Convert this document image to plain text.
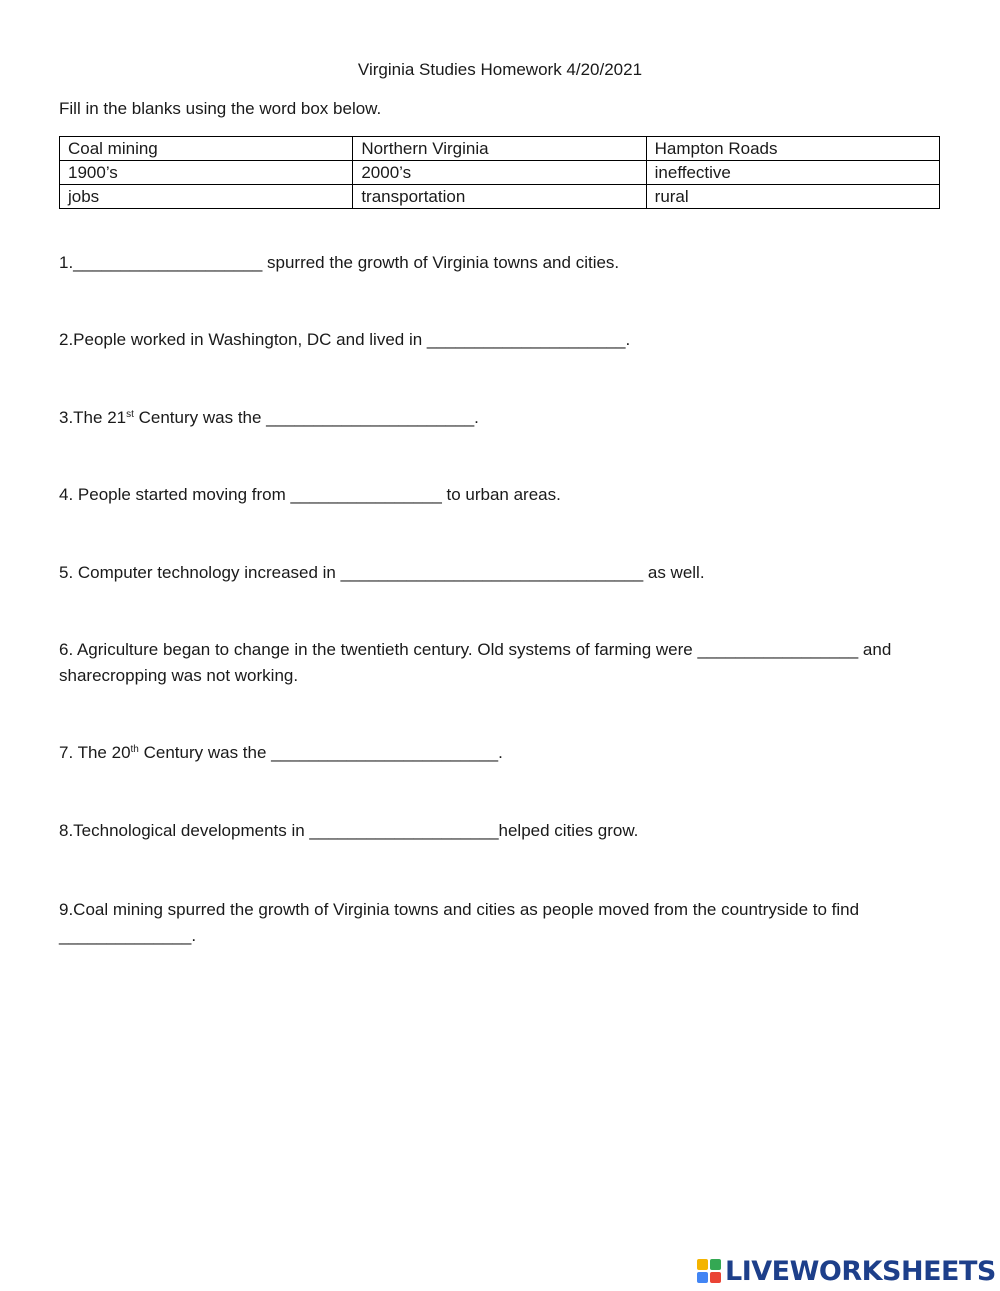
Virginia Studies Homework 4/20/2021
Fill in the blanks using the word box below.
Coal mining	Northern Virginia	Hampton Roads
1900’s	2000’s	ineffective
jobs	transportation	rural
1.____________________ spurred the growth of Virginia towns and cities.
2.People worked in Washington, DC and lived in _____________________.
3.The 21st Century was the ______________________.
4. People started moving from ________________ to urban areas.
5. Computer technology increased in ________________________________ as well.
6. Agriculture began to change in the twentieth century. Old systems of farming were _________________ and sharecropping was not working.
7. The 20th Century was the ________________________.
8.Technological developments in ____________________helped cities grow.
9.Coal mining spurred the growth of Virginia towns and cities as people moved from the countryside to find ______________.
LIVEWORKSHEETS
